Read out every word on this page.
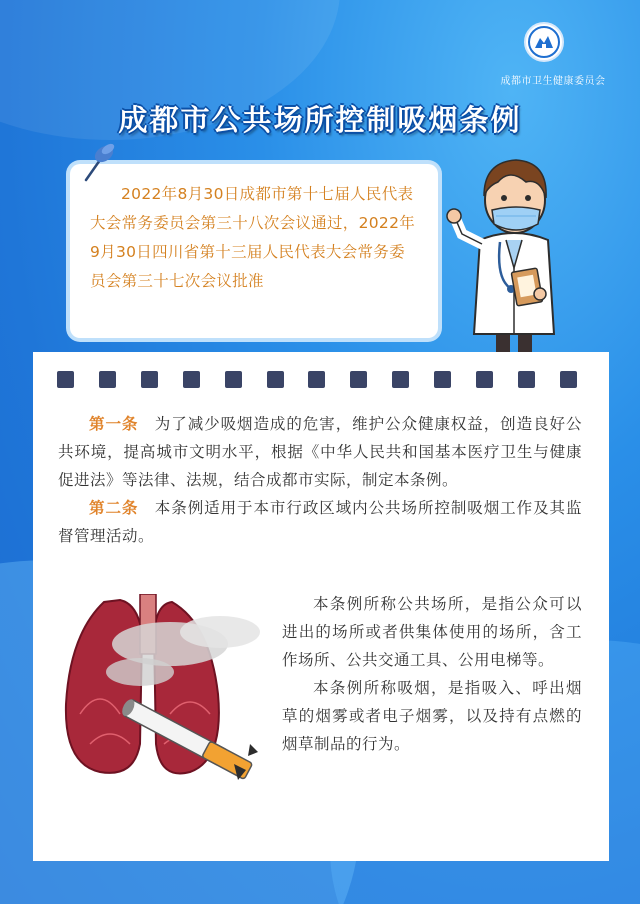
成都市卫生健康委员会
成都市公共场所控制吸烟条例
2022年8月30日成都市第十七届人民代表大会常务委员会第三十八次会议通过，2022年9月30日四川省第十三届人民代表大会常务委员会第三十七次会议批准

第一条　 为了减少吸烟造成的危害，维护公众健康权益，创造良好公共环境，提高城市文明水平，根据《中华人民共和国基本医疗卫生与健康促进法》等法律、法规，结合成都市实际，制定本条例。

第二条　 本条例适用于本市行政区域内公共场所控制吸烟工作及其监督管理活动。

本条例所称公共场所，是指公众可以进出的场所或者供集体使用的场所，含工作场所、公共交通工具、公用电梯等。

本条例所称吸烟，是指吸入、呼出烟草的烟雾或者电子烟雾，以及持有点燃的烟草制品的行为。
